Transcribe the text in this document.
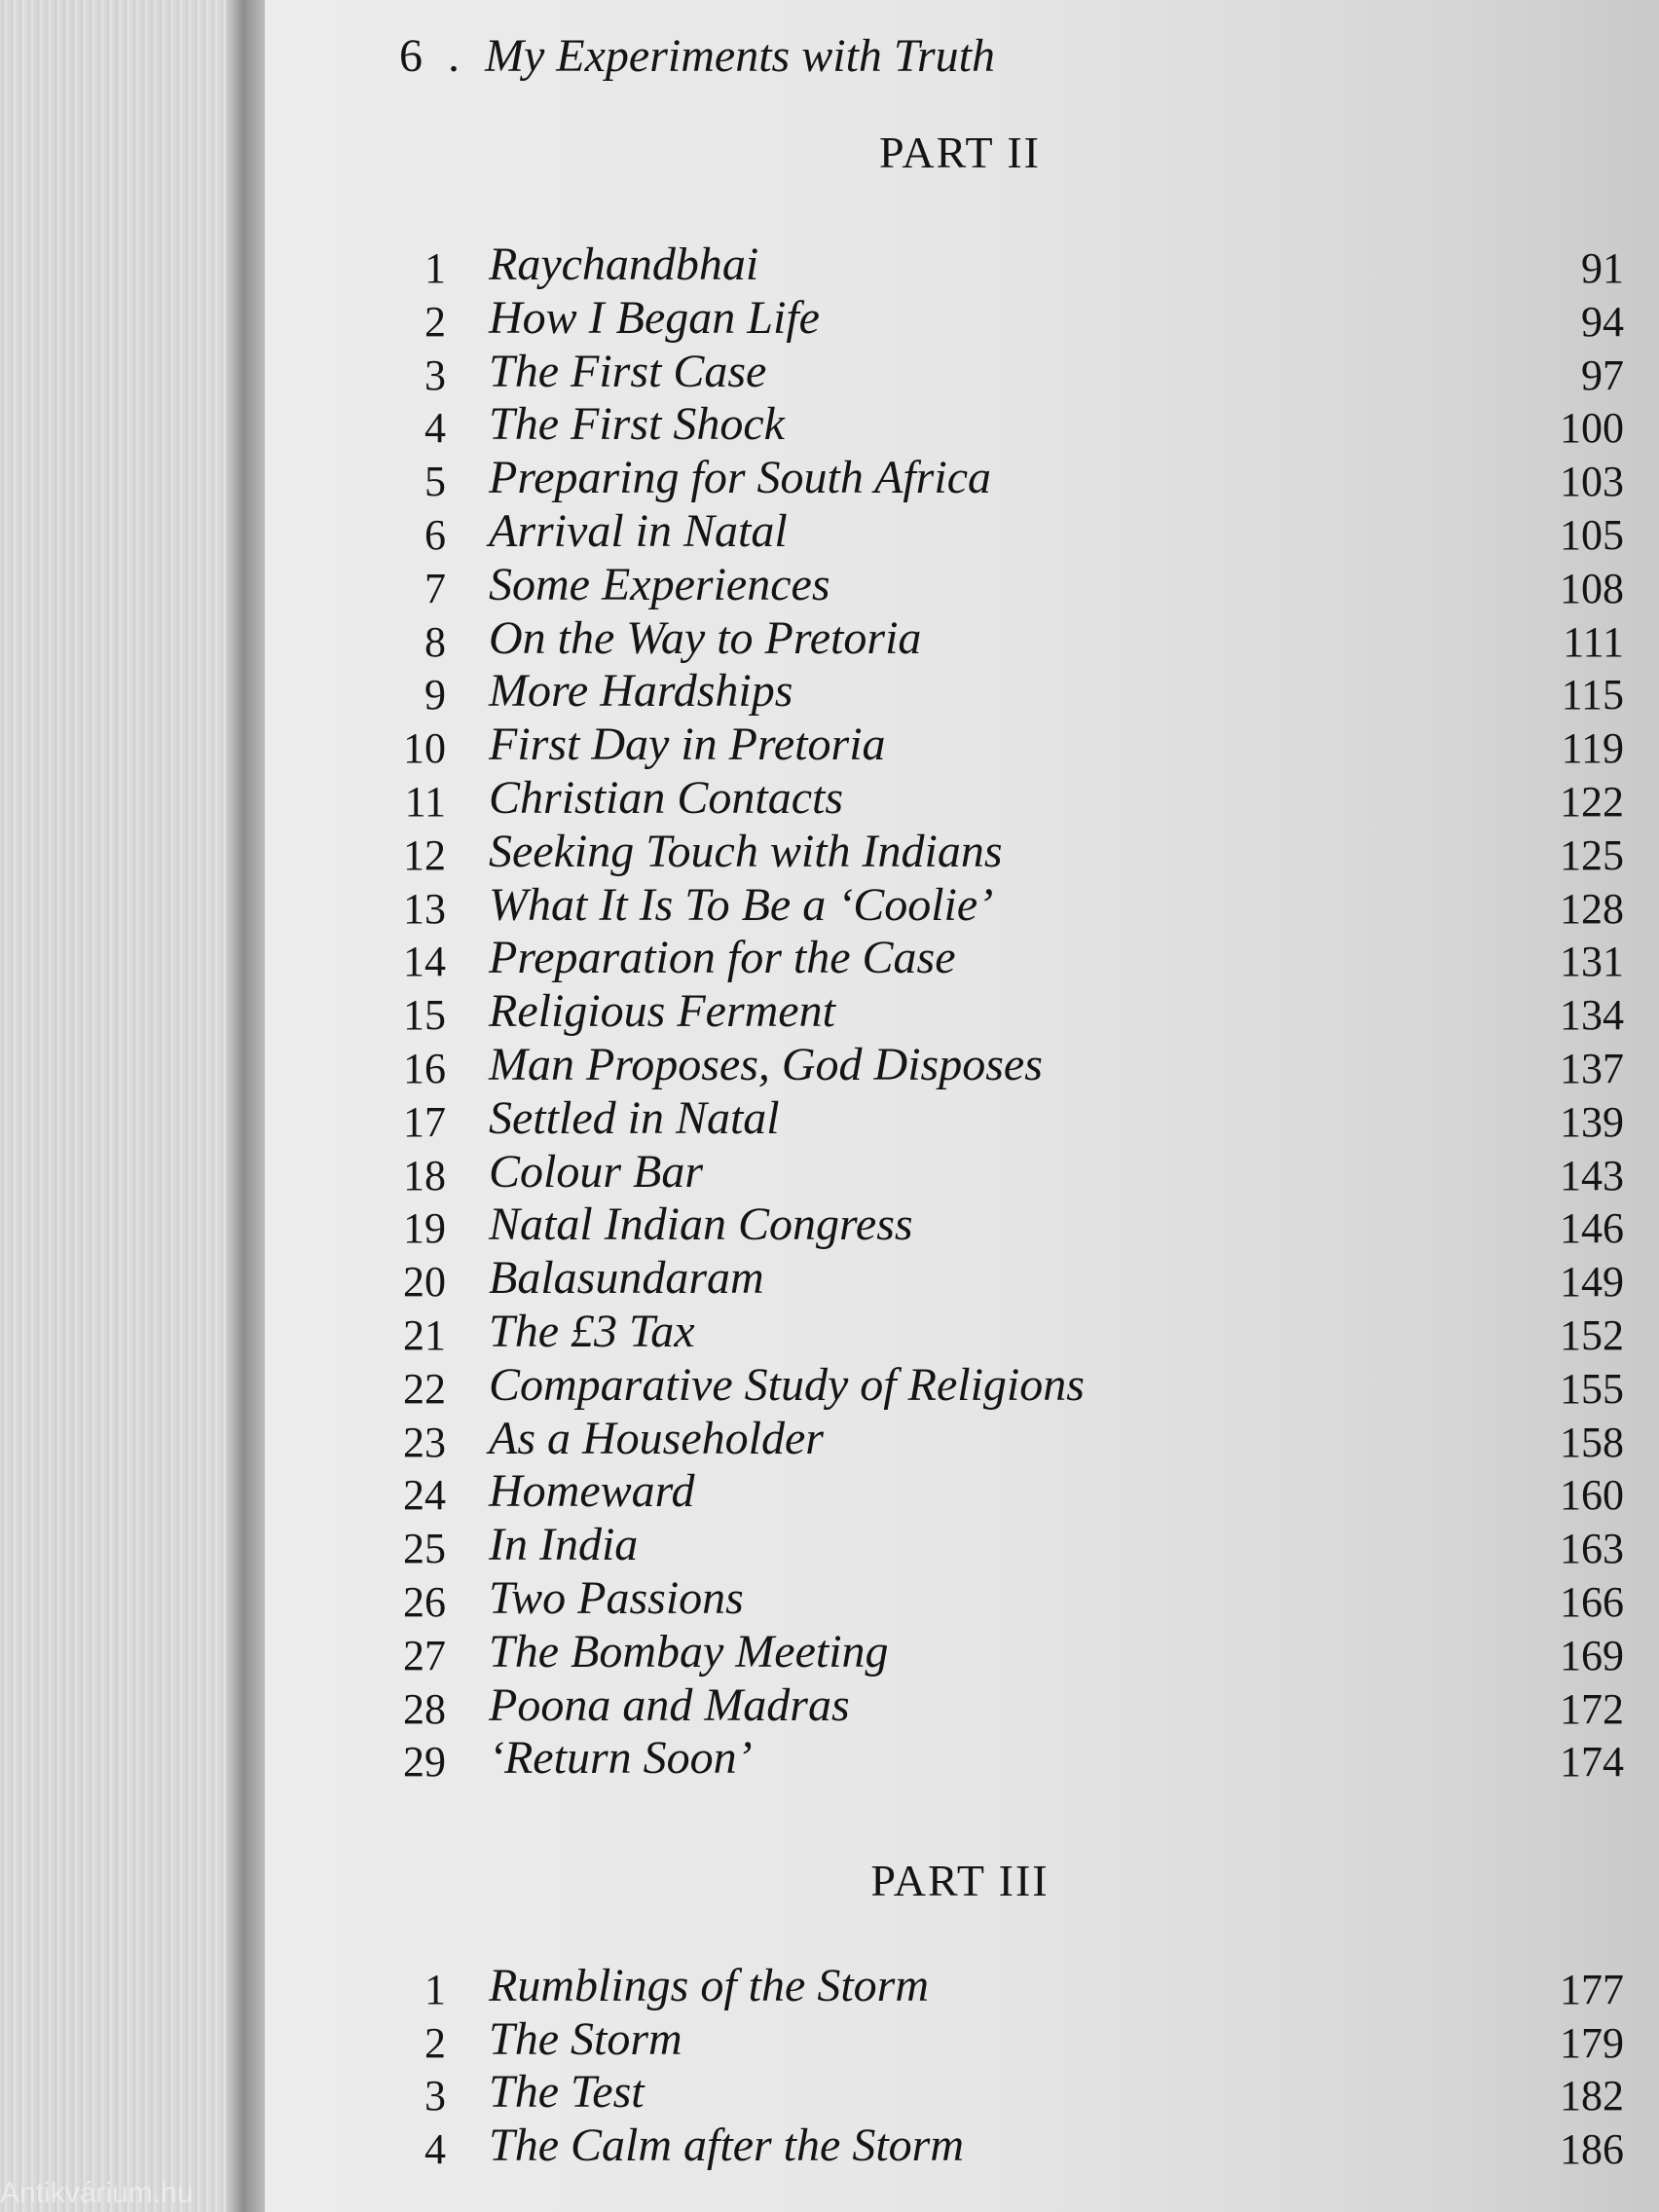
6 . My Experiments with Truth
PART II
1 Raychandbhai	91
2 How I Began Life	94
3 The First Case	97
4 The First Shock	100
5 Preparing for South Africa	103
6 Arrival in Natal	105
7 Some Experiences	108
8 On the Way to Pretoria	111
9 More Hardships	115
10 First Day in Pretoria	119
11 Christian Contacts	122
12 Seeking Touch with Indians	125
13 What It Is To Be a ‘Coolie’	128
14 Preparation for the Case	131
15 Religious Ferment	134
16 Man Proposes, God Disposes	137
17 Settled in Natal	139
18 Colour Bar	143
19 Natal Indian Congress	146
20 Balasundaram	149
21 The £3 Tax	152
22 Comparative Study of Religions	155
23 As a Householder	158
24 Homeward	160
25 In India	163
26 Two Passions	166
27 The Bombay Meeting	169
28 Poona and Madras	172
29 ‘Return Soon’	174
PART III
1 Rumblings of the Storm	177
2 The Storm	179
3 The Test	182
4 The Calm after the Storm	186
Antikvárium.hu
